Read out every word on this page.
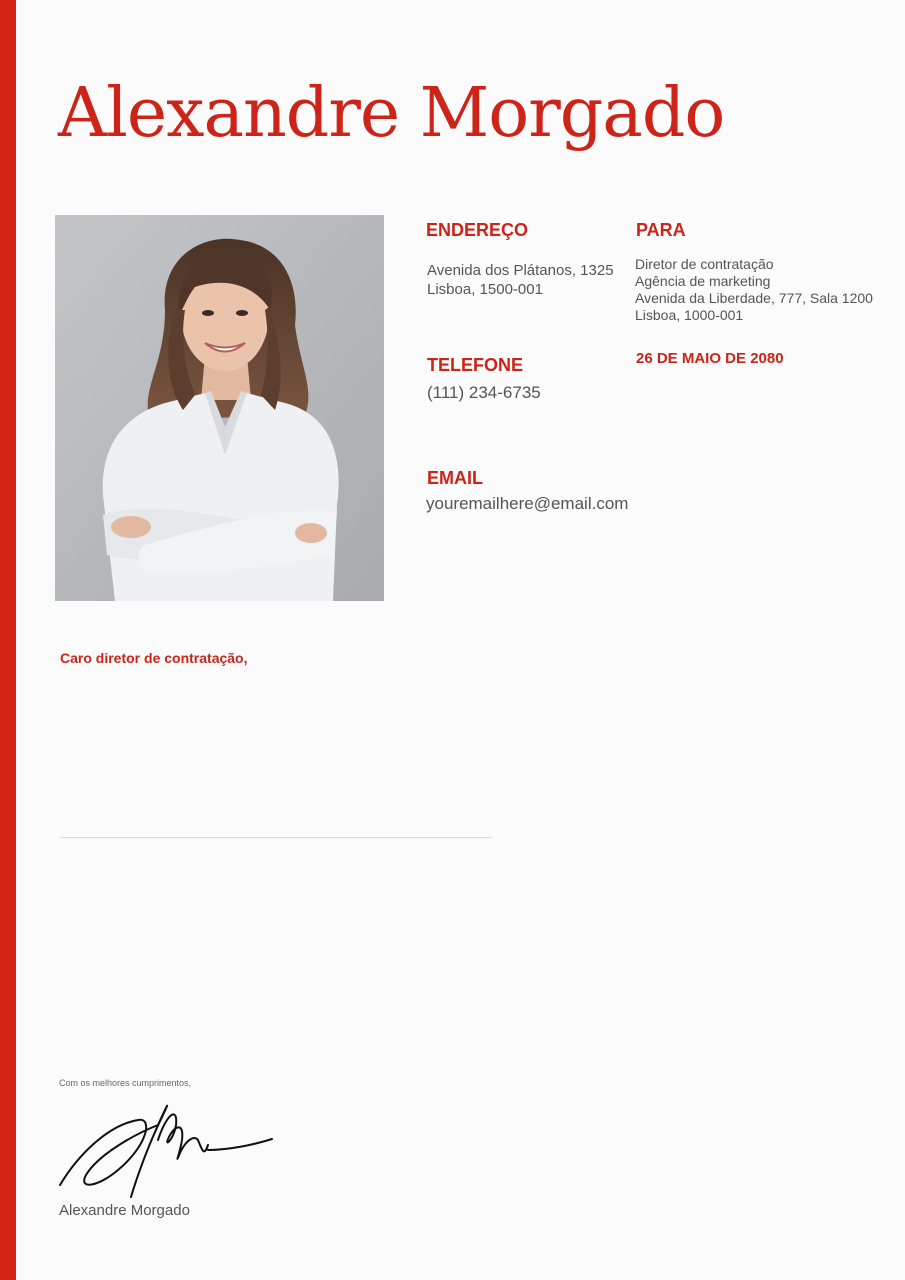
Alexandre Morgado
ENDEREÇO
Avenida dos Plátanos, 1325
Lisboa, 1500-001
PARA
Diretor de contratação
Agência de marketing
Avenida da Liberdade, 777, Sala 1200
Lisboa, 1000-001
TELEFONE
(111) 234-6735
26 DE MAIO DE 2080
EMAIL
youremailhere@email.com

Caro diretor de contratação,

Com os melhores cumprimentos,

Alexandre Morgado
